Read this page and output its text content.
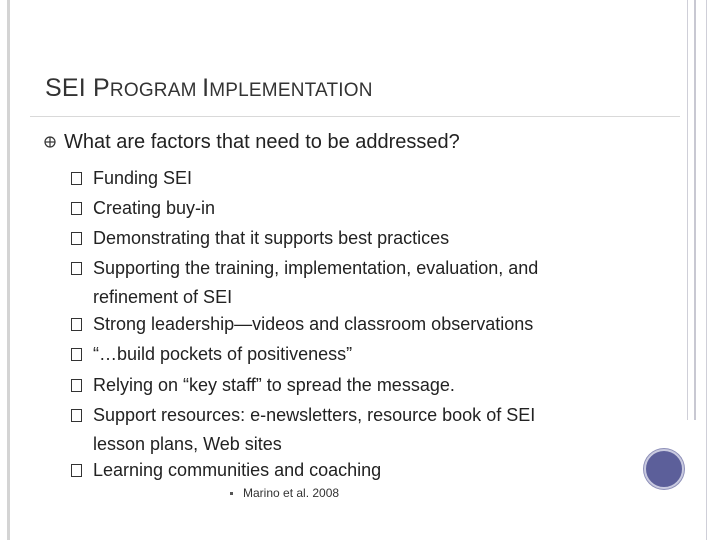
SEI PROGRAM IMPLEMENTATION
What are factors that need to be addressed?
Funding SEI
Creating buy-in
Demonstrating that it supports best practices
Supporting the training, implementation, evaluation, and
refinement of SEI
Strong leadership—videos and classroom observations
“…build pockets of positiveness”
Relying on “key staff” to spread the message.
Support resources: e-newsletters, resource book of SEI
lesson plans, Web sites
Learning communities and coaching
Marino et al. 2008
